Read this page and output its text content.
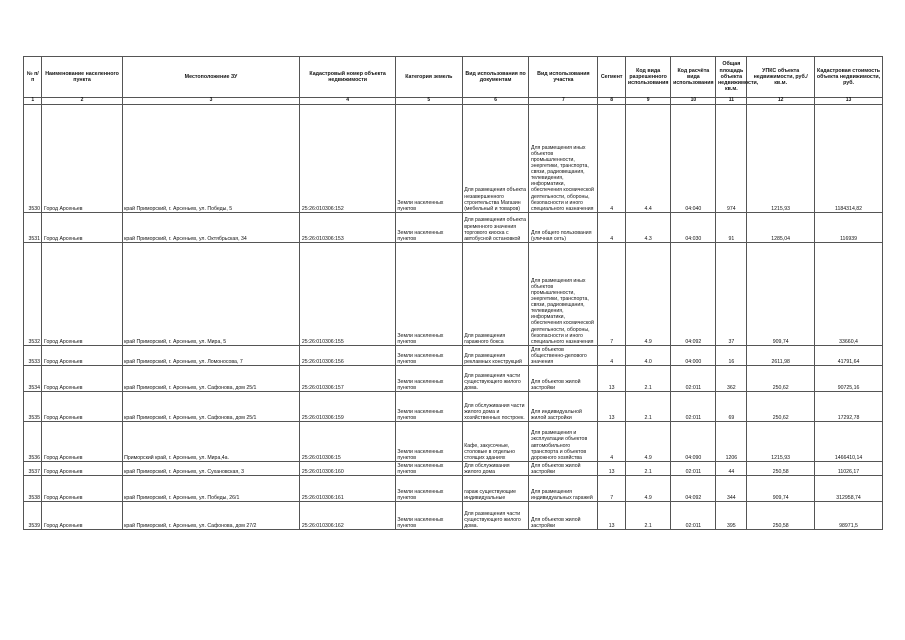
№ п/п	Наименование населенного пункта	Местоположение ЗУ	Кадастровый номер объекта недвижимости	Категория земель	Вид использования по документам	Вид использования участка	Сегмент	Код вида разрешенного использования	Код расчёта вида использования	Общая площадь объекта недвижимости, кв.м.	УПКС объекта недвижимости, руб./кв.м.	Кадастровая стоимость объекта недвижимости, руб.
1	2	3	4	5	6	7	8	9	10	11	12	13
3530	Город Арсеньев	край Приморский, г. Арсеньев, ул. Победы, 5	25:26:010306:152	Земли населенных пунктов	Для размещения объекта незавершенного строительства Магазин (мебельный и товаров)	Для размещения иных объектов промышленности, энергетики, транспорта, связи, радиовещания, телевидения, информатики, обеспечения космической деятельности, обороны, безопасности и иного специального назначения	4	4.4	04:040	974	1215,93	1184314,82
3531	Город Арсеньев	край Приморский, г. Арсеньев, ул. Октябрьская, 34	25:26:010306:153	Земли населенных пунктов	Для размещения объекта временного значения торгового киоска с автобусной остановкой	Для общего пользования (уличная сеть)	4	4.3	04:030	91	1285,04	116939
3532	Город Арсеньев	край Приморский, г. Арсеньев, ул. Мира, 5	25:26:010306:155	Земли населенных пунктов	Для размещения гаражного бокса	Для размещения иных объектов промышленности, энергетики, транспорта, связи, радиовещания, телевидения, информатики, обеспечения космической деятельности, обороны, безопасности и иного специального назначения	7	4.9	04:092	37	909,74	33660,4
3533	Город Арсеньев	край Приморский, г. Арсеньев, ул. Ломоносова, 7	25:26:010306:156	Земли населенных пунктов	Для размещения рекламных конструкций	Для объектов общественно-делового значения	4	4.0	04:000	16	2611,98	41791,64
3534	Город Арсеньев	край Приморский, г. Арсеньев, ул. Сафонова, дом 25/1	25:26:010306:157	Земли населенных пунктов	Для размещения части существующего жилого дома.	Для объектов жилой застройки	13	2.1	02:011	362	250,62	90725,16
3535	Город Арсеньев	край Приморский, г. Арсеньев, ул. Сафонова, дом 25/1	25:26:010306:159	Земли населенных пунктов	Для обслуживания части жилого дома и хозяйственных построек.	Для индивидуальной жилой застройки	13	2.1	02:011	69	250,62	17292,78
3536	Город Арсеньев	Приморский край, г. Арсеньев, ул. Мира,4а.	25:26:010306:15	Земли населенных пунктов	Кафе, закусочные, столовые в отдельно стоящих зданиях	Для размещения и эксплуатации объектов автомобильного транспорта и объектов дорожного хозяйства	4	4.9	04:090	1206	1215,93	1466410,14
3537	Город Арсеньев	край Приморский, г. Арсеньев, ул. Сухановская, 3	25:26:010306:160	Земли населенных пунктов	Для обслуживания жилого дома	Для объектов жилой застройки	13	2.1	02:011	44	250,58	11026,17
3538	Город Арсеньев	край Приморский, г. Арсеньев, ул. Победы, 26/1	25:26:010306:161	Земли населенных пунктов	гараж существующие индивидуальные	Для размещения индивидуальных гаражей	7	4.9	04:092	344	909,74	312958,74
3539	Город Арсеньев	край Приморский, г. Арсеньев, ул. Сафонова, дом 27/2	25:26:010306:162	Земли населенных пунктов	Для размещения части существующего жилого дома.	Для объектов жилой застройки	13	2.1	02:011	395	250,58	98971,5
